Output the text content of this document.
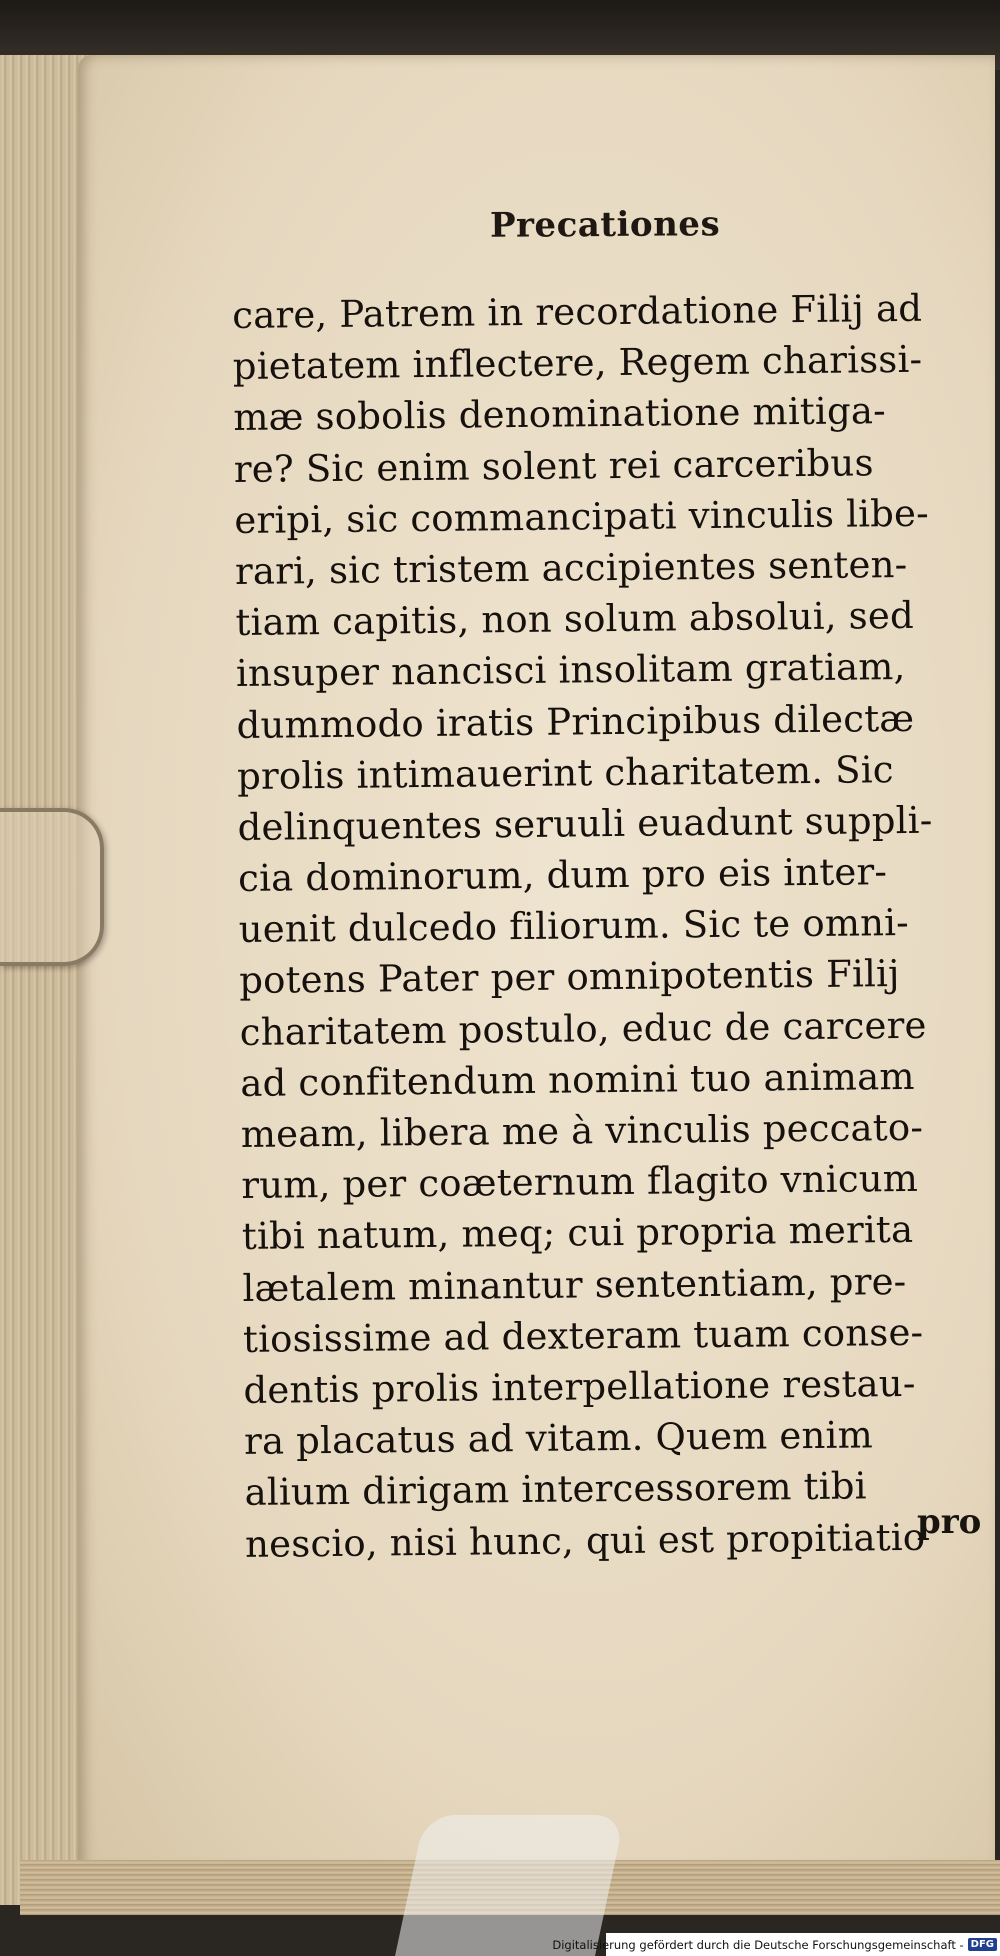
Precationes
care, Patrem in recordatione Filij ad
pietatem inflectere, Regem charissi-
mæ sobolis denominatione mitiga-
re? Sic enim solent rei carceribus
eripi, sic commancipati vinculis libe-
rari, sic tristem accipientes senten-
tiam capitis, non solum absolui, sed
insuper nancisci insolitam gratiam,
dummodo iratis Principibus dilectæ
prolis intimauerint charitatem. Sic
delinquentes seruuli euadunt suppli-
cia dominorum, dum pro eis inter-
uenit dulcedo filiorum. Sic te omni-
potens Pater per omnipotentis Filij
charitatem postulo, educ de carcere
ad confitendum nomini tuo animam
meam, libera me à vinculis peccato-
rum, per coæternum flagito vnicum
tibi natum, meq; cui propria merita
lætalem minantur sententiam, pre-
tiosissime ad dexteram tuam conse-
dentis prolis interpellatione restau-
ra placatus ad vitam. Quem enim
alium dirigam intercessorem tibi
nescio, nisi hunc, qui est propitiatio
pro
Digitalisierung gefördert durch die Deutsche Forschungsgemeinschaft - DFG
